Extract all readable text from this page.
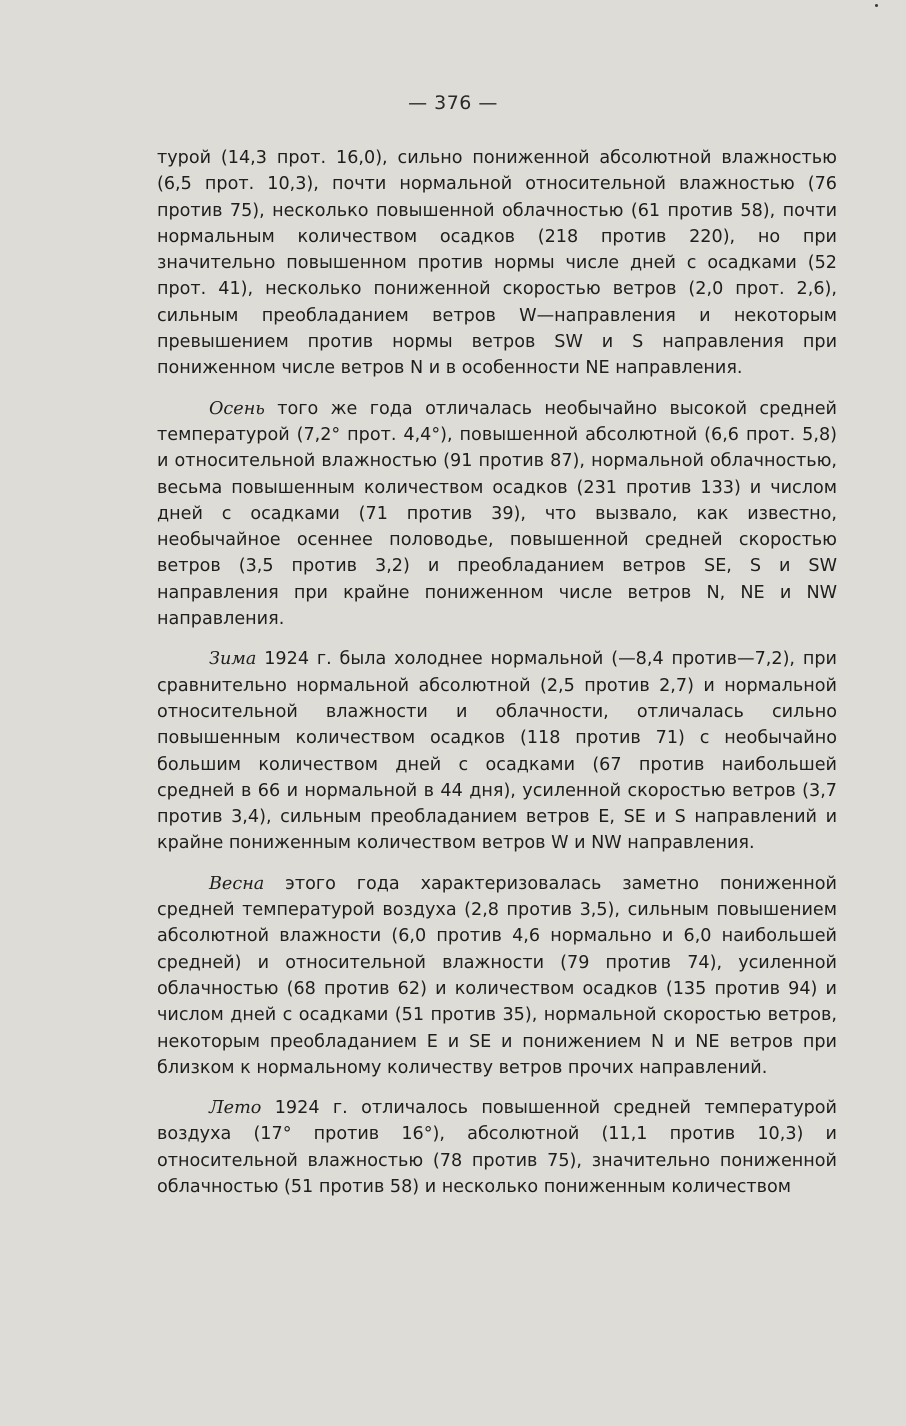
— 376 —

турой (14,3 прот. 16,0), сильно пониженной абсолютной влажностью (6,5 прот. 10,3), почти нормальной относительной влажностью (76 против 75), несколько повышенной облачностью (61 против 58), почти нормальным количеством осадков (218 против 220), но при значительно повышенном против нормы числе дней с осадками (52 прот. 41), несколько пониженной скоростью ветров (2,0 прот. 2,6), сильным преобладанием ветров W—направления и некоторым превышением против нормы ветров SW и S направления при пониженном числе ветров N и в особенности NE направления.

Осень того же года отличалась необычайно высокой средней температурой (7,2° прот. 4,4°), повышенной абсолютной (6,6 прот. 5,8) и относительной влажностью (91 против 87), нормальной облачностью, весьма повышенным количеством осадков (231 против 133) и числом дней с осадками (71 против 39), что вызвало, как известно, необычайное осеннее половодье, повышенной средней скоростью ветров (3,5 против 3,2) и преобладанием ветров SE, S и SW направления при крайне пониженном числе ветров N, NE и NW направления.

Зима 1924 г. была холоднее нормальной (—8,4 против—7,2), при сравнительно нормальной абсолютной (2,5 против 2,7) и нормальной относительной влажности и облачности, отличалась сильно повышенным количеством осадков (118 против 71) с необычайно большим количеством дней с осадками (67 против наибольшей средней в 66 и нормальной в 44 дня), усиленной скоростью ветров (3,7 против 3,4), сильным преобладанием ветров E, SE и S направлений и крайне пониженным количеством ветров W и NW направления.

Весна этого года характеризовалась заметно пониженной средней температурой воздуха (2,8 против 3,5), сильным повышением абсолютной влажности (6,0 против 4,6 нормально и 6,0 наибольшей средней) и относительной влажности (79 против 74), усиленной облачностью (68 против 62) и количеством осадков (135 против 94) и числом дней с осадками (51 против 35), нормальной скоростью ветров, некоторым преобладанием E и SE и понижением N и NE ветров при близком к нормальному количеству ветров прочих направлений.

Лето 1924 г. отличалось повышенной средней температурой воздуха (17° против 16°), абсолютной (11,1 против 10,3) и относительной влажностью (78 против 75), значительно пониженной облачностью (51 против 58) и несколько пониженным количеством
